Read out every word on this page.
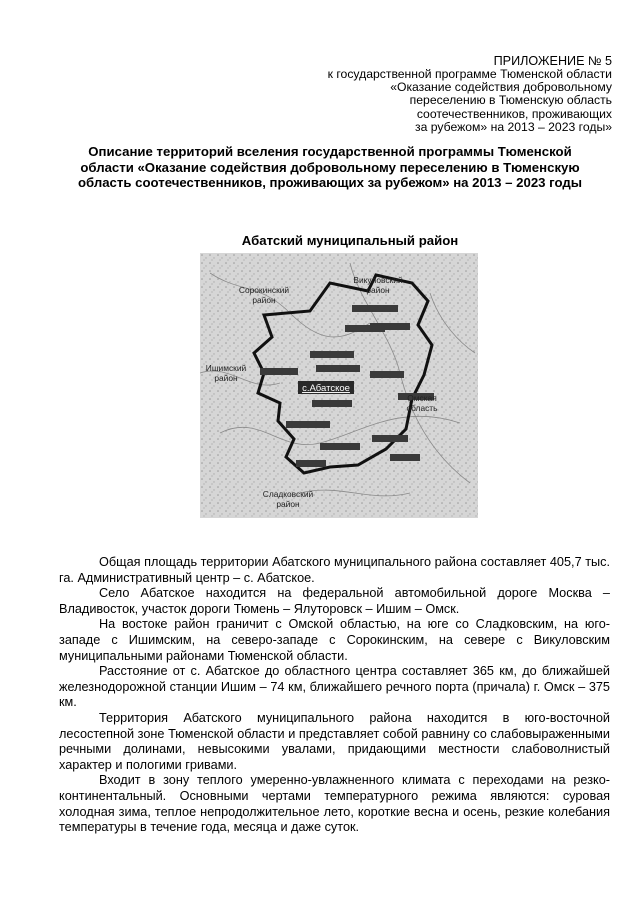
ПРИЛОЖЕНИЕ № 5
к государственной программе Тюменской области
«Оказание содействия добровольному
переселению в Тюменскую область
соотечественников, проживающих
за рубежом» на 2013 – 2023 годы»
Описание территорий вселения государственной программы Тюменской области «Оказание содействия добровольному переселению в Тюменскую область соотечественников, проживающих за рубежом» на 2013 – 2023 годы
Абатский муниципальный район
с.Абатское
Сорокинский
район
Викуловский
район
Ишимский
район
Омская
область
Сладковский
район

Общая площадь территории Абатского муниципального района составляет 405,7 тыс. га. Административный центр – с. Абатское.

Село Абатское находится на федеральной автомобильной дороге Москва – Владивосток, участок дороги Тюмень – Ялуторовск – Ишим – Омск.

На востоке район граничит с Омской областью, на юге со Сладковским, на юго-западе с Ишимским, на северо-западе с Сорокинским, на севере с Викуловским муниципальными районами Тюменской области.

Расстояние от с. Абатское до областного центра составляет 365 км, до ближайшей железнодорожной станции Ишим – 74 км, ближайшего речного порта (причала) г. Омск – 375 км.

Территория Абатского муниципального района находится в юго-восточной лесостепной зоне Тюменской области и представляет собой равнину со слабовыраженными речными долинами, невысокими увалами, придающими местности слабоволнистый характер и пологими гривами.

Входит в зону теплого умеренно-увлажненного климата с переходами на резко-континентальный. Основными чертами температурного режима являются: суровая холодная зима, теплое непродолжительное лето, короткие весна и осень, резкие колебания температуры в течение года, месяца и даже суток.
